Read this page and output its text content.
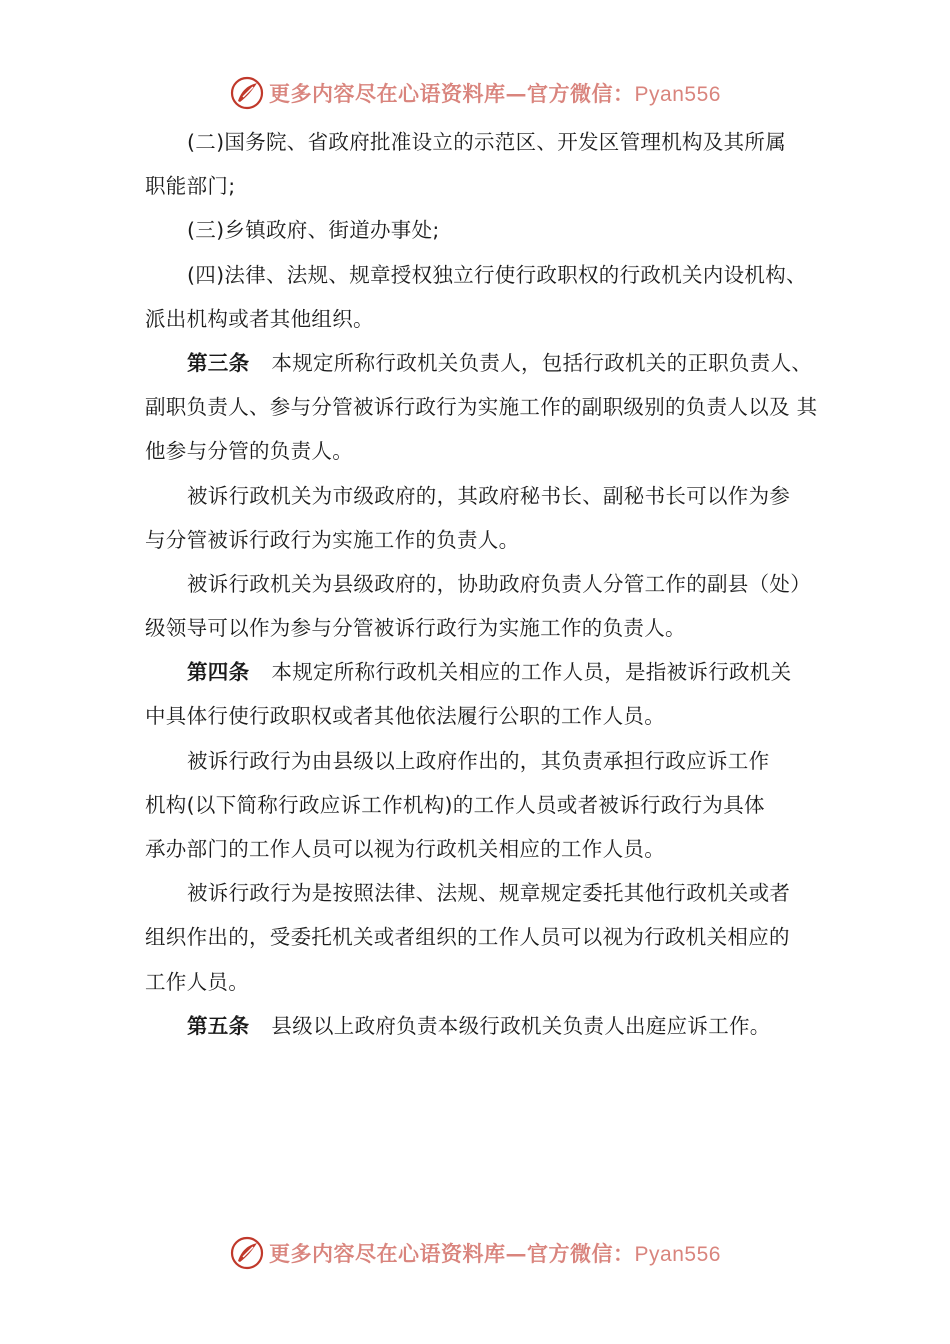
更多内容尽在心语资料库—官方微信：Pyan556
(二)国务院、省政府批准设立的示范区、开发区管理机构及其所属
职能部门;
(三)乡镇政府、街道办事处;
(四)法律、法规、规章授权独立行使行政职权的行政机关内设机构、
派出机构或者其他组织。
第三条 本规定所称行政机关负责人，包括行政机关的正职负责人、
副职负责人、参与分管被诉行政行为实施工作的副职级别的负责人以及 其
他参与分管的负责人。
被诉行政机关为市级政府的，其政府秘书长、副秘书长可以作为参
与分管被诉行政行为实施工作的负责人。
被诉行政机关为县级政府的，协助政府负责人分管工作的副县（处）
级领导可以作为参与分管被诉行政行为实施工作的负责人。
第四条 本规定所称行政机关相应的工作人员，是指被诉行政机关
中具体行使行政职权或者其他依法履行公职的工作人员。
被诉行政行为由县级以上政府作出的，其负责承担行政应诉工作
机构(以下简称行政应诉工作机构)的工作人员或者被诉行政行为具体
承办部门的工作人员可以视为行政机关相应的工作人员。
被诉行政行为是按照法律、法规、规章规定委托其他行政机关或者
组织作出的，受委托机关或者组织的工作人员可以视为行政机关相应的
工作人员。
第五条 县级以上政府负责本级行政机关负责人出庭应诉工作。
更多内容尽在心语资料库—官方微信：Pyan556
